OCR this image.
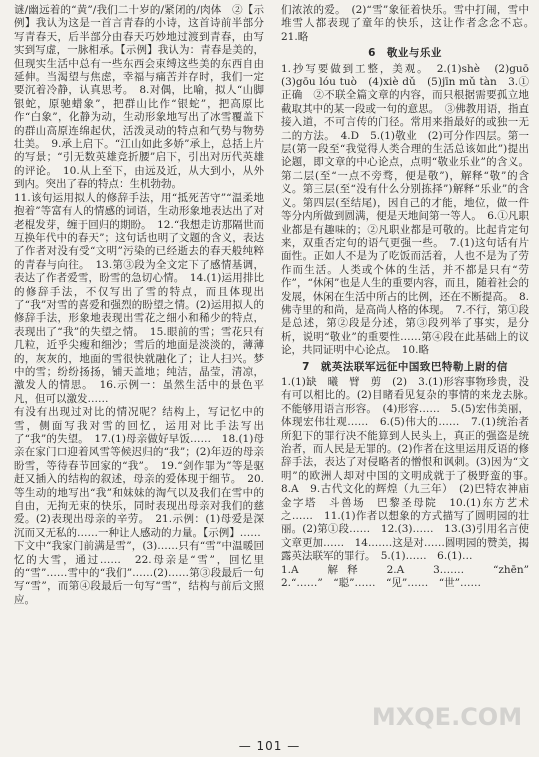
谜/幽远着的“黄”/我们二十岁的/紧闭的/肉体　②【示例】我认为这是一首言青春的小诗，这首诗前半部分写青春天，后半部分由春天巧妙地过渡到青春，由写实到写虚，一脉相承。【示例】我认为：青春是美的，但现实生活中总有一些东西会束缚这些美的东西自由延伸。当渴望与焦虑，幸福与痛苦并存时，我们一定要沉着冷静，认真思考。　8.对偶，比喻，拟人“山脚银蛇，原驰蜡象”，把群山比作“银蛇”，把高原比作“白象”，化静为动，生动形象地写出了冰雪覆盖下的群山高原连绵起伏，活泼灵动的特点和气势与物势壮美。　9.承上启下。“江山如此多娇”承上，总括上片的写景；“引无数英雄竞折腰”启下，引出对历代英雄的评论。　10.从上至下，由远及近，从大到小，从外到内。突出了春的特点：生机勃勃。

11.该句运用拟人的修辞手法，用“抵死苦守”“温柔地抱着”等富有人的情感的词语，生动形象地表达出了对老棍发芽，缠于回归的期盼。　12.“我想走访那隔世而互换年代中的春天”；这句话也明了文题的含义，表达了作者对没有受“文明”污染的已经逝去的春天般纯粹的青春与向往。　13.第③段为全文定下了感情基调，表达了作者爱雪，盼雪的急切心情。　14.(1)运用排比的修辞手法，不仅写出了雪的特点，而且体现出了“我”对雪的喜爱和强烈的盼望之情。(2)运用拟人的修辞手法，形象地表现出雪花之细小和稀少的特点，表现出了“我”的失望之情。　15.眼前的雪；雪花只有几粒，近乎尖瘦和细沙；雪后的地面是淡淡的，薄薄的，灰灰的，地面的雪很快就融化了；让人扫兴。梦中的雪；纷纷扬扬，铺天盖地；纯洁，晶莹，清凉，激发人的情思。　16.示例一：虽然生活中的景色平凡，但可以激发……

有没有出现过对比的情况呢？结构上，写记忆中的雪，侧面写我对雪的回忆，运用对比手法写出了“我”的失望。　17.(1)母亲做好早饭……　18.(1)母亲在家门口迎着风雪等候迟归的“我”；(2)年迈的母亲盼雪，等待春节回家的“我”。　19.“剑作罪为”等是驱赶又插入的结构的叙述，母亲的爱体现于细节。　20.等生动的地写出“我”和妹妹的淘气以及我们在雪中的自由，无拘无束的快乐，同时表现出母亲对我们的慈爱。(2)表现出母亲的辛劳。　21.示例：(1)母爱是深沉而又无私的……一种让人感动的力量。【示例】……

下文中“我家门前满是雪”，(3)……只有“雪”中温暖回忆的大雪，通过……　22.母亲是“雪”，回忆里的“雪”……雪中的“我们”……(2)……第③段最后一句写“雪”，而第④段最后一句写“雪”，结构与前后文照应。

们浓浓的爱。　(2)“雪”象征着快乐。雪中打闹，雪中堆雪人都表现了童年的快乐，这让作者念念不忘。　21.略

6　敬业与乐业

1.抄写要做到工整，美观。　2.(1)shè　(2)guō　(3)gōu lóu tuò　(4)xiè dǔ　(5)jīn mǔ tàn　3.①正确　②不联全篇文章的内容，而只根据需要孤立地截取其中的某一段或一句的意思。　③佛教用语，指直接入道，不可言传的门径。常用来指最好的或独一无二的方法。　4.D　5.(1)敬业　(2)可分作四层。第一层(第一段至“我觉得人类合理的生活总该如此”)提出论题，即文章的中心论点，点明“敬业乐业”的含义。第二层(至“一点不旁骛，便是敬”)，解释“敬”的含义。第三层(至“没有什么分别拣择”)解释“乐业”的含义。第四层(至结尾)，因自己的才能，地位，做一件等分内所做到圆满，便是天地间第一等人。　6.①凡职业都是有趣味的；②凡职业都是可敬的。比起肯定句来，双重否定句的语气更强一些。　7.(1)这句话有片面性。正如人不是为了吃饭而活着，人也不是为了劳作而生活。人类或个体的生活，并不都是只有“劳作”，“休闲”也是人生的重要内容，而且，随着社会的发展，休闲在生活中所占的比例，还在不断提高。　8.佛寺里的和尚，是高尚人格的体现。　7.不行，第①段是总述，第②段是分述，第③段列举了事实，是分析，说明“敬业”的重要性……第④段在此基础上的议论，共同证明中心论点。　10.略

7　就英法联军远征中国致巴特勒上尉的信

1.(1)缺　曦　臂　剪　(2)　3.(1)形容事物珍贵，没有可以相比的。(2)目睹看见复杂的事情的来龙去脉。　不能够用语言形容。　(4)形容……　5.(5)宏伟美丽，体现宏伟壮观……　6.(5)伟大的……　7.(1)统治者所犯下的罪行决不能算到人民头上，真正的强盗是统治者，而人民是无罪的。(2)作者在这里运用反语的修辞手法，表达了对侵略者的憎恨和讽刺。(3)因为“文明”的欧洲人却对中国的文明成就于了极野蛮的事。　8.A　9.古代文化的辉煌（九三年）　(2)巴特农神庙　金字塔　斗兽场　巴黎圣母院　10.(1)东方艺术之……　11.(1)作者以想象的方式描写了圆明园的壮丽。(2)第①段……　12.(3)……　13.(3)引用名言使文章更加……　14.……这是对……圆明园的赞美，揭露英法联军的罪行。　5.(1)……　6.(1)…

1.A　解释　2.A　3.……　“zhēn”　2.“……”　“聪”……　“见”……　“世”……

MXQE.COM
— 101 —
